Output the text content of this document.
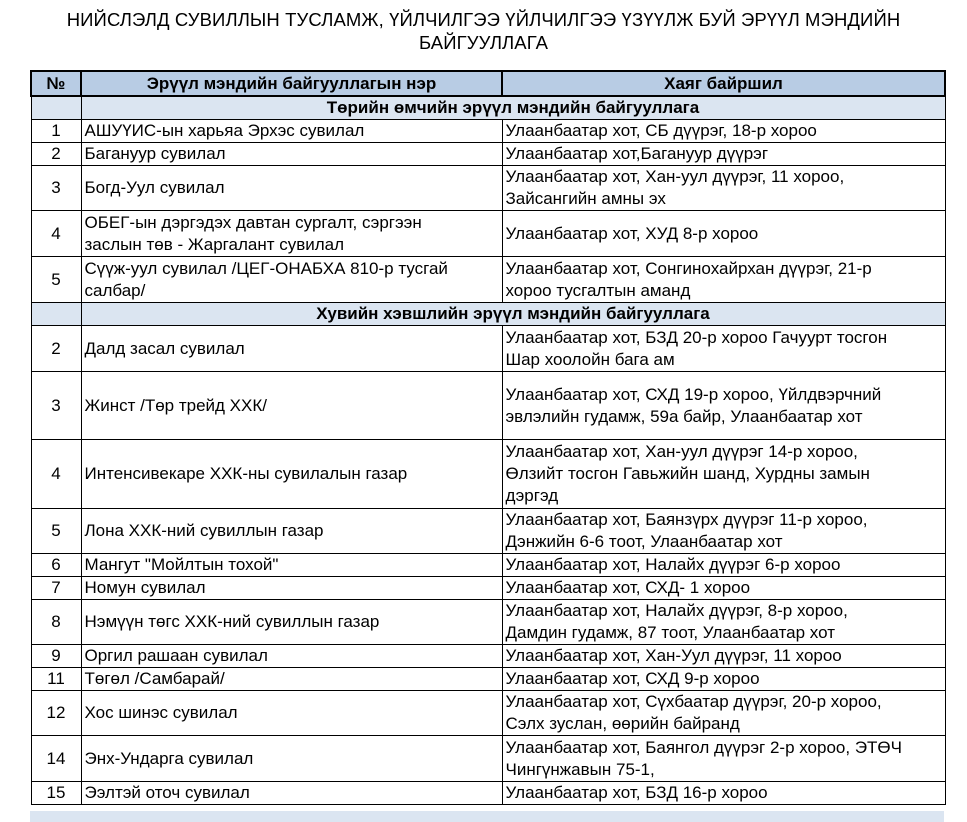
НИЙСЛЭЛД СУВИЛЛЫН ТУСЛАМЖ, ҮЙЛЧИЛГЭЭ ҮЙЛЧИЛГЭЭ ҮЗҮҮЛЖ БУЙ ЭРҮҮЛ МЭНДИЙН
БАЙГУУЛЛАГА
№	Эрүүл мэндийн байгууллагын нэр	Хаяг байршил
	Төрийн өмчийн эрүүл мэндийн байгууллага	
1	АШУҮИС-ын харьяа Эрхэс сувилал	Улаанбаатар хот, СБ дүүрэг, 18-р хороо

2	Багануур сувилал	Улаанбаатар хот,Багануур дүүрэг

3	Богд-Уул сувилал	Улаанбаатар хот, Хан-уул дүүрэг, 11 хороо,
Зайсангийн амны эх

4	ОБЕГ-ын дэргэдэх давтан сургалт, сэргээн
заслын төв - Жаргалант сувилал	Улаанбаатар хот, ХУД 8-р хороо

5	Сүүж-уул сувилал /ЦЕГ-ОНАБХА 810-р тусгай
салбар/	Улаанбаатар хот, Сонгинохайрхан дүүрэг, 21-р
хороо тусгалтын аманд

	Хувийн хэвшлийн эрүүл мэндийн байгууллага	
2	Далд засал сувилал	Улаанбаатар хот, БЗД 20-р хороо Гачуурт тосгон
Шар хоолойн бага ам

3	Жинст /Төр трейд ХХК/	Улаанбаатар хот, СХД 19-р хороо, Үйлдвэрчний
эвлэлийн гудамж, 59а байр, Улаанбаатар хот

4	Интенсивекаре ХХК-ны сувилалын газар	Улаанбаатар хот, Хан-уул дүүрэг 14-р хороо,
Өлзийт тосгон Гавьжийн шанд, Хурдны замын
дэргэд

5	Лона ХХК-ний сувиллын газар	Улаанбаатар хот, Баянзүрх дүүрэг 11-р хороо,
Дэнжийн 6-6 тоот, Улаанбаатар хот

6	Мангут "Мойлтын тохой"	Улаанбаатар хот, Налайх дүүрэг 6-р хороо

7	Номун сувилал	Улаанбаатар хот, СХД- 1 хороо

8	Нэмүүн төгс ХХК-ний сувиллын газар	Улаанбаатар хот, Налайх дүүрэг, 8-р хороо,
Дамдин гудамж, 87 тоот, Улаанбаатар хот

9	Оргил рашаан сувилал	Улаанбаатар хот, Хан-Уул дүүрэг, 11 хороо

11	Төгөл /Самбарай/	Улаанбаатар хот, СХД 9-р хороо

12	Хос шинэс сувилал	Улаанбаатар хот, Сүхбаатар дүүрэг, 20-р хороо,
Сэлх зуслан, өөрийн байранд

14	Энх-Ундарга сувилал	Улаанбаатар хот, Баянгол дүүрэг 2-р хороо, ЭТӨЧ
Чингүнжавын 75-1,

15	Ээлтэй оточ сувилал	Улаанбаатар хот, БЗД 16-р хороо
